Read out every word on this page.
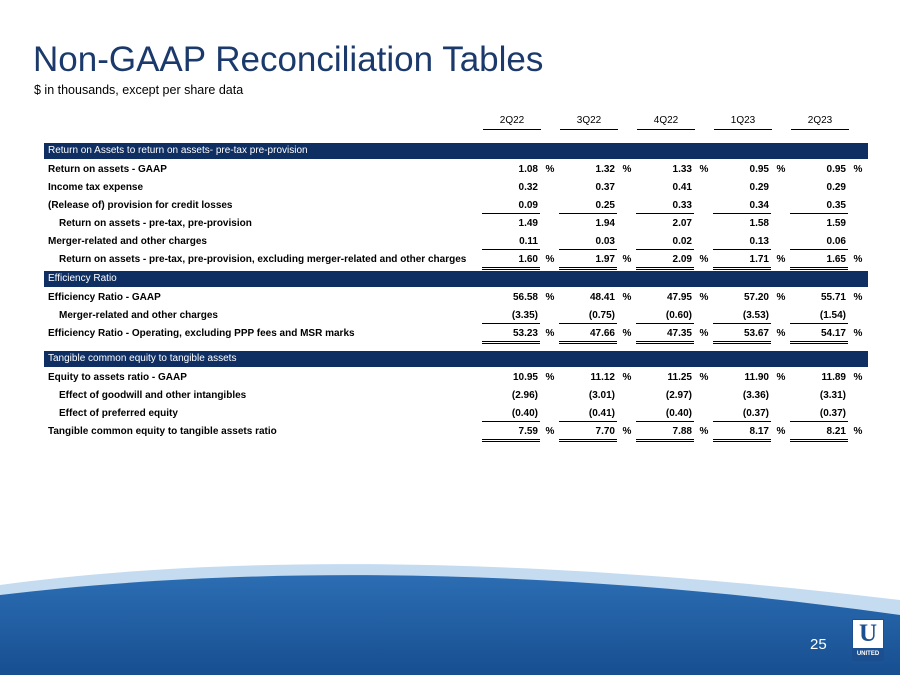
Non-GAAP Reconciliation Tables
$ in thousands, except per share data
2Q22	3Q22	4Q22	1Q23	2Q23
Return on Assets to return on assets- pre-tax pre-provision
Return on assets - GAAP	1.08 %	1.32 %	1.33 %	0.95 %	0.95 %
Income tax expense	0.32	0.37	0.41	0.29	0.29
(Release of) provision for credit losses	0.09	0.25	0.33	0.34	0.35
Return on assets - pre-tax, pre-provision	1.49	1.94	2.07	1.58	1.59
Merger-related and other charges	0.11	0.03	0.02	0.13	0.06
Return on assets - pre-tax, pre-provision, excluding merger-related and other charges	1.60 %	1.97 %	2.09 %	1.71 %	1.65 %
Efficiency Ratio
Efficiency Ratio - GAAP	56.58 %	48.41 %	47.95 %	57.20 %	55.71 %
Merger-related and other charges	(3.35)	(0.75)	(0.60)	(3.53)	(1.54)
Efficiency Ratio - Operating, excluding PPP fees and MSR marks	53.23 %	47.66 %	47.35 %	53.67 %	54.17 %
Tangible common equity to tangible assets
Equity to assets ratio - GAAP	10.95 %	11.12 %	11.25 %	11.90 %	11.89 %
Effect of goodwill and other intangibles	(2.96)	(3.01)	(2.97)	(3.36)	(3.31)
Effect of preferred equity	(0.40)	(0.41)	(0.40)	(0.37)	(0.37)
Tangible common equity to tangible assets ratio	7.59 %	7.70 %	7.88 %	8.17 %	8.21 %
25 U
UNITED
